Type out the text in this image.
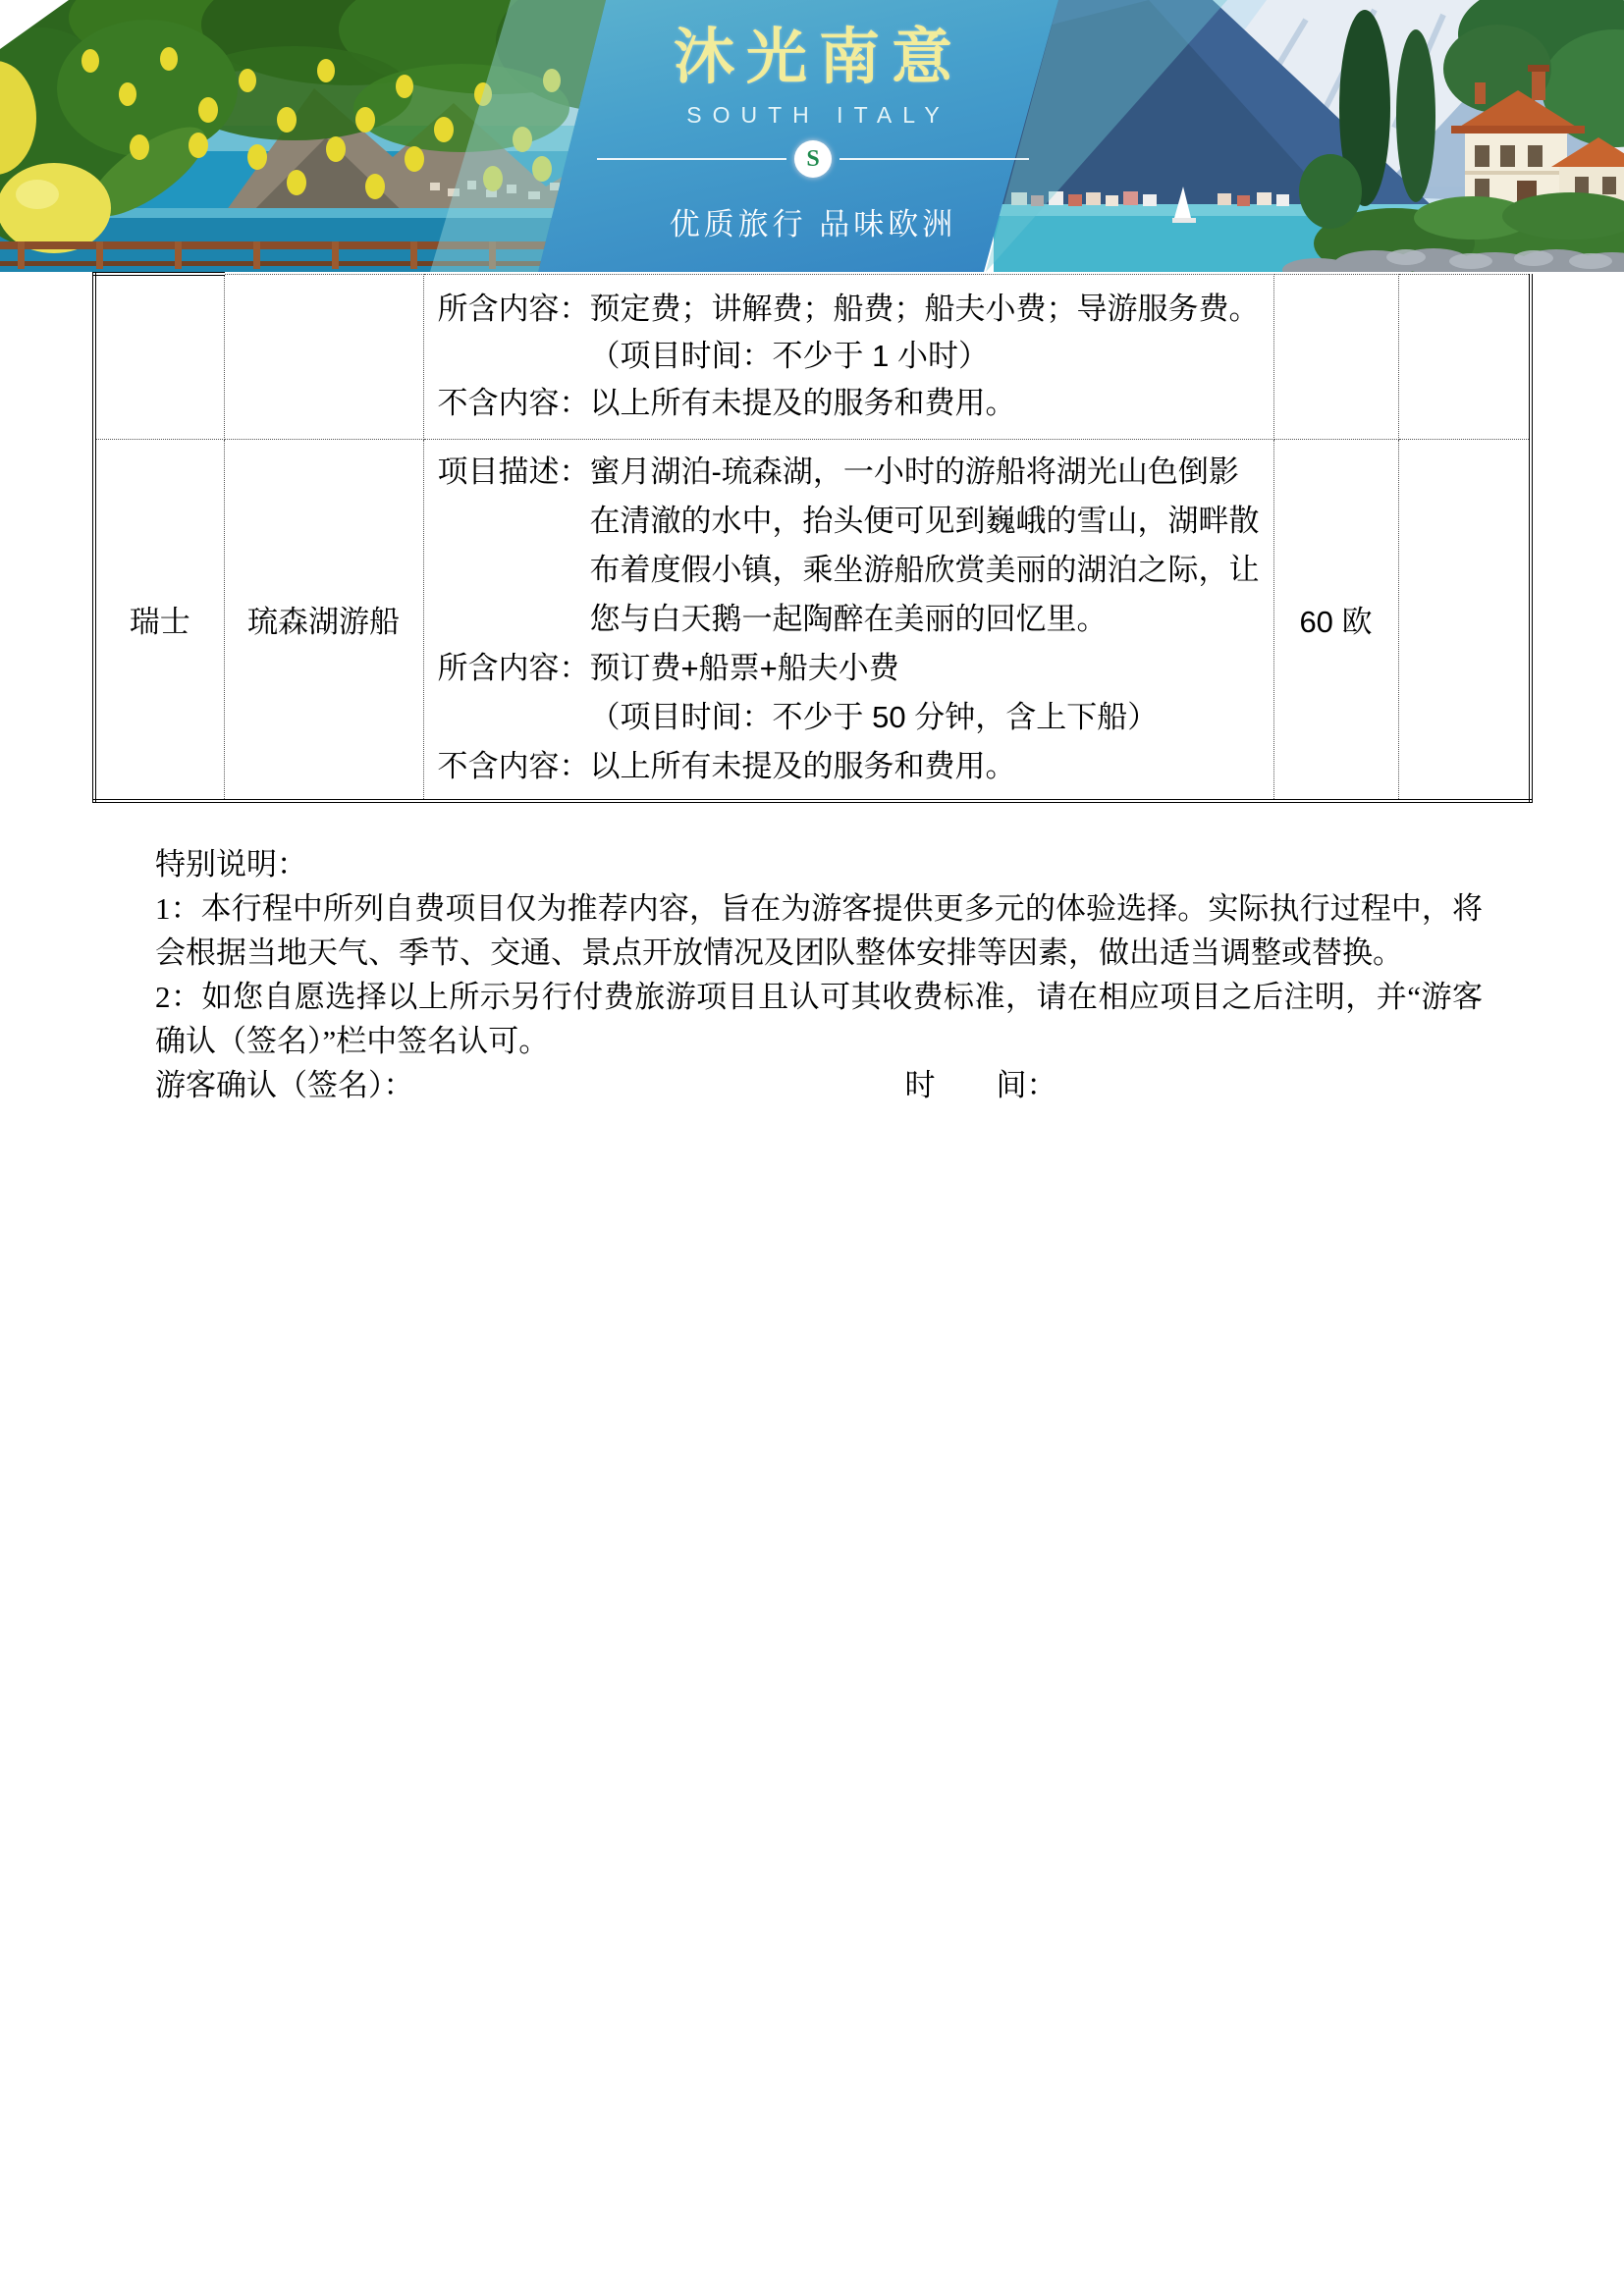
沐光南意
SOUTH ITALY
S
优质旅行 品味欧洲

		所含内容：预定费；讲解费；船费；船夫小费；导游服务费。

（项目时间：不少于 1 小时）

不含内容：以上所有未提及的服务和费用。		

瑞士	琉森湖游船	项目描述：蜜月湖泊-琉森湖，一小时的游船将湖光山色倒影在清澈的水中，抬头便可见到巍峨的雪山，湖畔散布着度假小镇，乘坐游船欣赏美丽的湖泊之际，让您与白天鹅一起陶醉在美丽的回忆里。

所含内容：预订费+船票+船夫小费

（项目时间：不少于 50 分钟，含上下船）

不含内容：以上所有未提及的服务和费用。	60 欧	

特别说明：

1：本行程中所列自费项目仅为推荐内容，旨在为游客提供更多元的体验选择。实际执行过程中，将会根据当地天气、季节、交通、景点开放情况及团队整体安排等因素，做出适当调整或替换。

2：如您自愿选择以上所示另行付费旅游项目且认可其收费标准，请在相应项目之后注明，并“游客确认（签名）”栏中签名认可。

游客确认（签名）：	时　　间：
